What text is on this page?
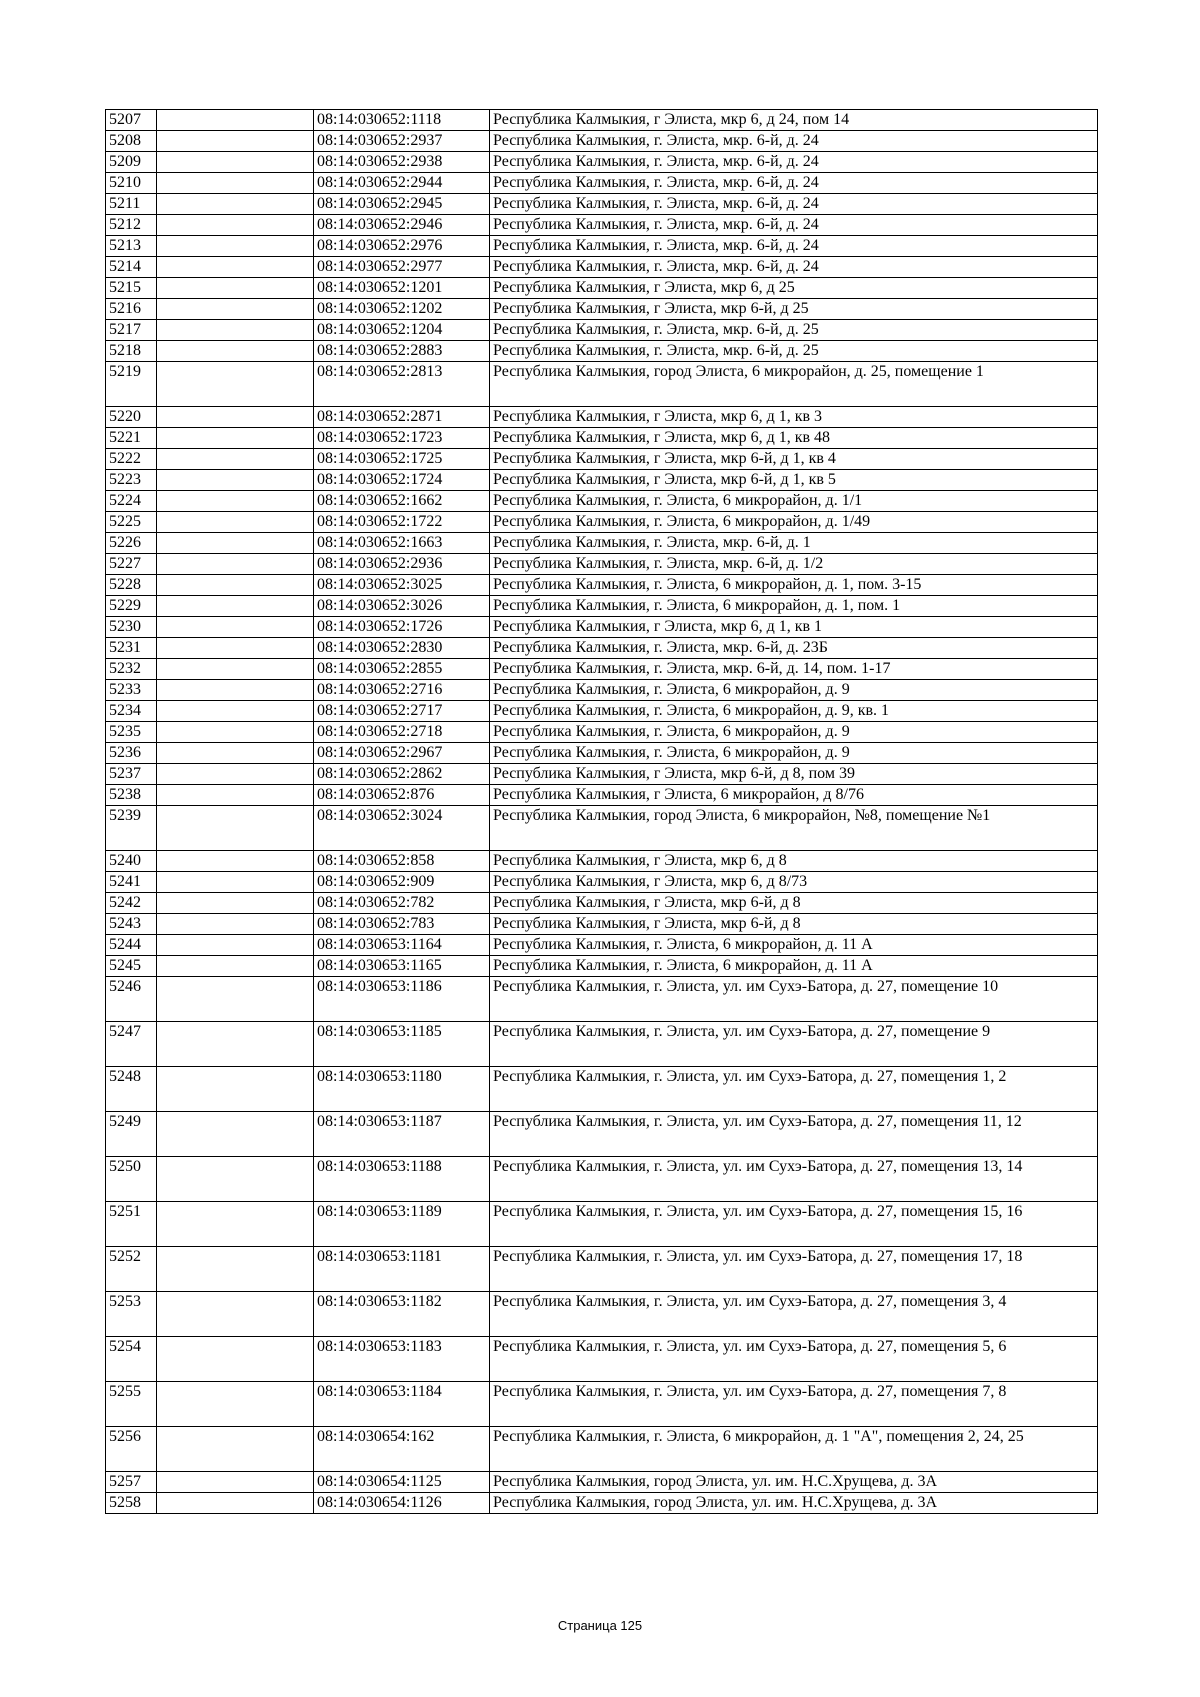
5207		08:14:030652:1118	Республика Калмыкия, г Элиста, мкр 6, д 24, пом 14
5208		08:14:030652:2937	Республика Калмыкия, г. Элиста, мкр. 6-й, д. 24
5209		08:14:030652:2938	Республика Калмыкия, г. Элиста, мкр. 6-й, д. 24
5210		08:14:030652:2944	Республика Калмыкия, г. Элиста, мкр. 6-й, д. 24
5211		08:14:030652:2945	Республика Калмыкия, г. Элиста, мкр. 6-й, д. 24
5212		08:14:030652:2946	Республика Калмыкия, г. Элиста, мкр. 6-й, д. 24
5213		08:14:030652:2976	Республика Калмыкия, г. Элиста, мкр. 6-й, д. 24
5214		08:14:030652:2977	Республика Калмыкия, г. Элиста, мкр. 6-й, д. 24
5215		08:14:030652:1201	Республика Калмыкия, г Элиста, мкр 6, д 25
5216		08:14:030652:1202	Республика Калмыкия, г Элиста, мкр 6-й, д 25
5217		08:14:030652:1204	Республика Калмыкия, г. Элиста, мкр. 6-й, д. 25
5218		08:14:030652:2883	Республика Калмыкия, г. Элиста, мкр. 6-й, д. 25
5219		08:14:030652:2813	Республика Калмыкия, город Элиста, 6 микрорайон, д. 25, помещение 1
5220		08:14:030652:2871	Республика Калмыкия, г Элиста, мкр 6, д 1, кв 3
5221		08:14:030652:1723	Республика Калмыкия, г Элиста, мкр 6, д 1, кв 48
5222		08:14:030652:1725	Республика Калмыкия, г Элиста, мкр 6-й, д 1, кв 4
5223		08:14:030652:1724	Республика Калмыкия, г Элиста, мкр 6-й, д 1, кв 5
5224		08:14:030652:1662	Республика Калмыкия, г. Элиста, 6 микрорайон, д. 1/1
5225		08:14:030652:1722	Республика Калмыкия, г. Элиста, 6 микрорайон, д. 1/49
5226		08:14:030652:1663	Республика Калмыкия, г. Элиста, мкр. 6-й, д. 1
5227		08:14:030652:2936	Республика Калмыкия, г. Элиста, мкр. 6-й, д. 1/2
5228		08:14:030652:3025	Республика Калмыкия, г. Элиста, 6 микрорайон, д. 1, пом. 3-15
5229		08:14:030652:3026	Республика Калмыкия, г. Элиста, 6 микрорайон, д. 1, пом. 1
5230		08:14:030652:1726	Республика Калмыкия, г Элиста, мкр 6, д 1, кв 1
5231		08:14:030652:2830	Республика Калмыкия, г. Элиста, мкр. 6-й, д. 23Б
5232		08:14:030652:2855	Республика Калмыкия, г. Элиста, мкр. 6-й, д. 14, пом. 1-17
5233		08:14:030652:2716	Республика Калмыкия, г. Элиста, 6 микрорайон, д. 9
5234		08:14:030652:2717	Республика Калмыкия, г. Элиста, 6 микрорайон, д. 9, кв. 1
5235		08:14:030652:2718	Республика Калмыкия, г. Элиста, 6 микрорайон, д. 9
5236		08:14:030652:2967	Республика Калмыкия, г. Элиста, 6 микрорайон, д. 9
5237		08:14:030652:2862	Республика Калмыкия, г Элиста, мкр 6-й, д 8, пом 39
5238		08:14:030652:876	Республика Калмыкия, г Элиста, 6 микрорайон, д 8/76
5239		08:14:030652:3024	Республика Калмыкия, город Элиста, 6 микрорайон, №8, помещение №1
5240		08:14:030652:858	Республика Калмыкия, г Элиста, мкр 6, д 8
5241		08:14:030652:909	Республика Калмыкия, г Элиста, мкр 6, д 8/73
5242		08:14:030652:782	Республика Калмыкия, г Элиста, мкр 6-й, д 8
5243		08:14:030652:783	Республика Калмыкия, г Элиста, мкр 6-й, д 8
5244		08:14:030653:1164	Республика Калмыкия, г. Элиста, 6 микрорайон, д. 11 А
5245		08:14:030653:1165	Республика Калмыкия, г. Элиста, 6 микрорайон, д. 11 А
5246		08:14:030653:1186	Республика Калмыкия, г. Элиста, ул. им Сухэ-Батора, д. 27, помещение 10
5247		08:14:030653:1185	Республика Калмыкия, г. Элиста, ул. им Сухэ-Батора, д. 27, помещение 9
5248		08:14:030653:1180	Республика Калмыкия, г. Элиста, ул. им Сухэ-Батора, д. 27, помещения 1, 2
5249		08:14:030653:1187	Республика Калмыкия, г. Элиста, ул. им Сухэ-Батора, д. 27, помещения 11, 12
5250		08:14:030653:1188	Республика Калмыкия, г. Элиста, ул. им Сухэ-Батора, д. 27, помещения 13, 14
5251		08:14:030653:1189	Республика Калмыкия, г. Элиста, ул. им Сухэ-Батора, д. 27, помещения 15, 16
5252		08:14:030653:1181	Республика Калмыкия, г. Элиста, ул. им Сухэ-Батора, д. 27, помещения 17, 18
5253		08:14:030653:1182	Республика Калмыкия, г. Элиста, ул. им Сухэ-Батора, д. 27, помещения 3, 4
5254		08:14:030653:1183	Республика Калмыкия, г. Элиста, ул. им Сухэ-Батора, д. 27, помещения 5, 6
5255		08:14:030653:1184	Республика Калмыкия, г. Элиста, ул. им Сухэ-Батора, д. 27, помещения 7, 8
5256		08:14:030654:162	Республика Калмыкия, г. Элиста, 6 микрорайон, д. 1 "А", помещения 2, 24, 25
5257		08:14:030654:1125	Республика Калмыкия, город Элиста, ул. им. Н.С.Хрущева, д. 3А
5258		08:14:030654:1126	Республика Калмыкия, город Элиста, ул. им. Н.С.Хрущева, д. 3А
Страница 125
